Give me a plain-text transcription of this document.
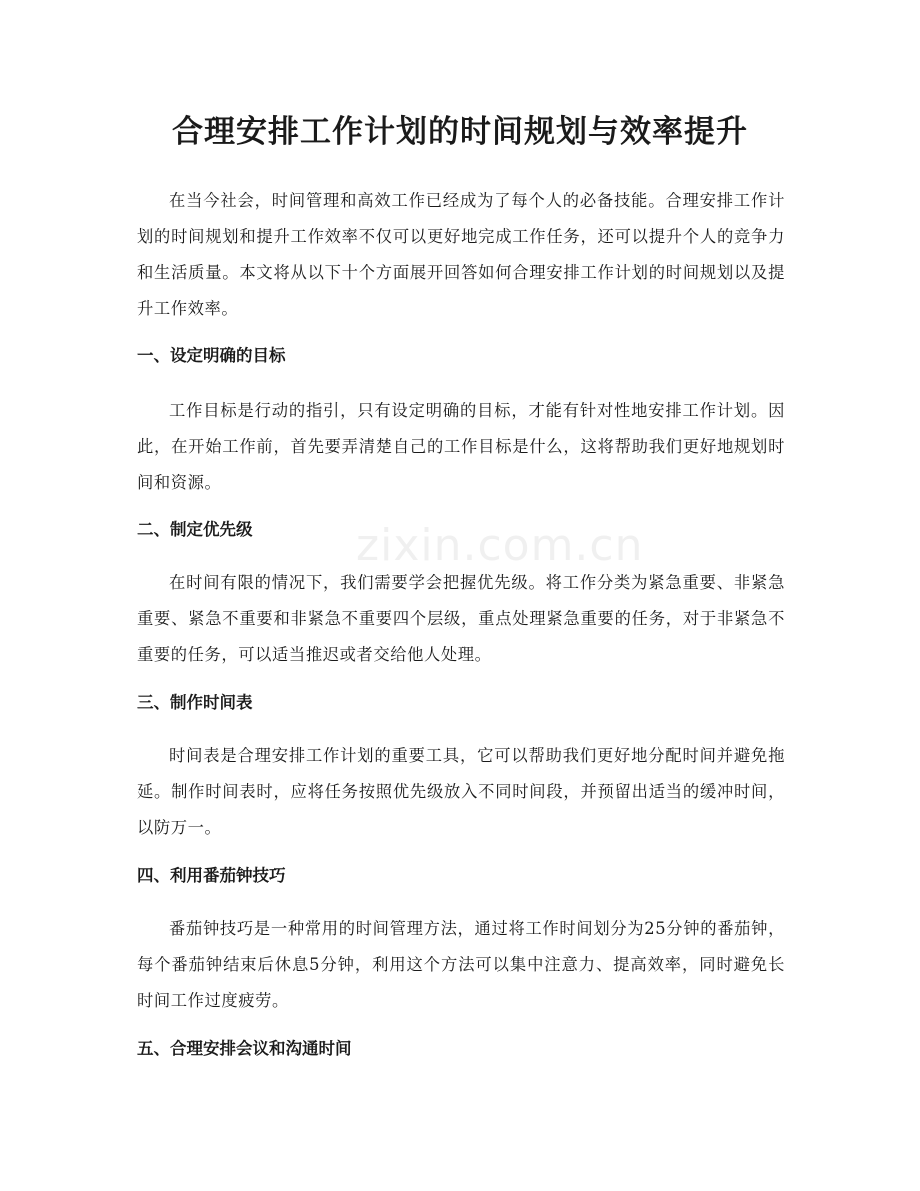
合理安排工作计划的时间规划与效率提升

在当今社会，时间管理和高效工作已经成为了每个人的必备技能。合理安排工作计划的时间规划和提升工作效率不仅可以更好地完成工作任务，还可以提升个人的竞争力和生活质量。本文将从以下十个方面展开回答如何合理安排工作计划的时间规划以及提升工作效率。

一、设定明确的目标

工作目标是行动的指引，只有设定明确的目标，才能有针对性地安排工作计划。因此，在开始工作前，首先要弄清楚自己的工作目标是什么，这将帮助我们更好地规划时间和资源。

二、制定优先级

在时间有限的情况下，我们需要学会把握优先级。将工作分类为紧急重要、非紧急重要、紧急不重要和非紧急不重要四个层级，重点处理紧急重要的任务，对于非紧急不重要的任务，可以适当推迟或者交给他人处理。

三、制作时间表

时间表是合理安排工作计划的重要工具，它可以帮助我们更好地分配时间并避免拖延。制作时间表时，应将任务按照优先级放入不同时间段，并预留出适当的缓冲时间，以防万一。

四、利用番茄钟技巧

番茄钟技巧是一种常用的时间管理方法，通过将工作时间划分为25分钟的番茄钟，每个番茄钟结束后休息5分钟，利用这个方法可以集中注意力、提高效率，同时避免长时间工作过度疲劳。

五、合理安排会议和沟通时间
zixin.com.cn
